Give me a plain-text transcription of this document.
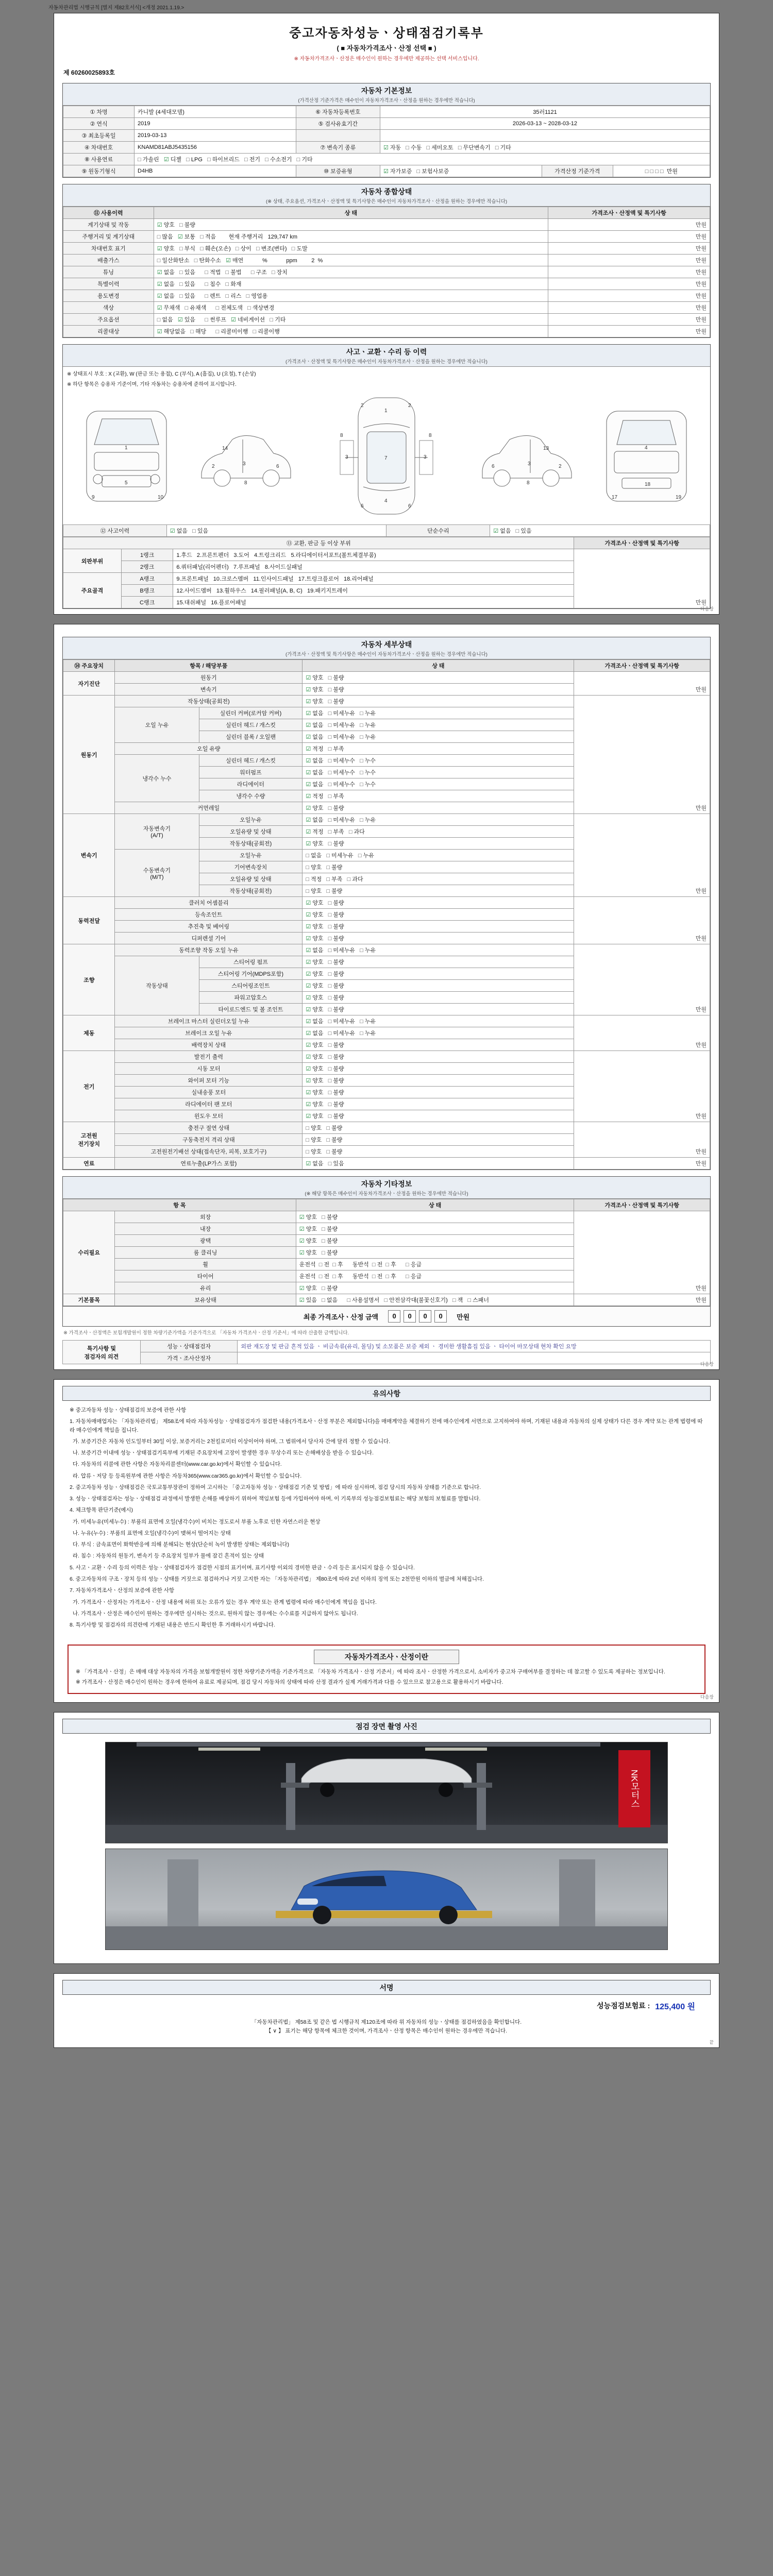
자동차관리법 시행규칙 [별지 제82호서식] <개정 2021.1.19.>
중고자동차성능ㆍ상태점검기록부
( ■ 자동차가격조사ㆍ산정 선택 ■ )
※ 자동차가격조사ㆍ산정은 매수인이 원하는 경우에만 제공하는 선택 서비스입니다.
제 60260025893호
자동차 기본정보
(가격산정 기준가격은 매수인이 자동차가격조사ㆍ산정을 원하는 경우에만 적습니다)
① 차명	카니발 (4세대모델)	⑥ 자동차등록번호	35러1121		
② 연식	2019	⑤ 검사유효기간	2026-03-13 ~ 2028-03-12		
③ 최초등록일	2019-03-13				
④ 차대번호	KNAMD81ABJ5435156	⑦ 변속기 종류	☑ 자동   □ 수동   □ 세미오토   □ 무단변속기   □ 기타		
⑧ 사용연료	□ 가솔린   ☑ 디젤   □ LPG   □ 하이브리드   □ 전기   □ 수소전기   □ 기타				
⑨ 원동기형식	D4HB	⑩ 보증유형	☑ 자가보증   □ 보험사보증	가격산정 기준가격	□ □ □ □  만원
자동차 종합상태
(※ 상태, 주요옵션, 가격조사ㆍ산정액 및 특기사항은 매수인이 자동차가격조사ㆍ산정을 원하는 경우에만 적습니다)
⑪ 사용이력	상 태	가격조사ㆍ산정액 및 특기사항
계기상태 및 작동	☑ 양호   □ 불량	만원
주행거리 및 계기상태	□ 많음   ☑ 보통   □ 적음        현재 주행거리   129,747 km	만원
차대번호 표기	☑ 양호   □ 부식   □ 훼손(오손)   □ 상이   □ 변조(변타)   □ 도말	만원
배출가스	□ 일산화탄소   □ 탄화수소   ☑ 매연            %            ppm         2  %	만원
튜닝	☑ 없음   □ 있음      □ 적법   □ 불법      □ 구조   □ 장치	만원
특별이력	☑ 없음   □ 있음      □ 침수   □ 화재	만원
용도변경	☑ 없음   □ 있음      □ 렌트   □ 리스   □ 영업용	만원
색상	☑ 무채색   □ 유채색      □ 전체도색   □ 색상변경	만원
주요옵션	□ 없음   ☑ 있음      □ 썬루프   ☑ 네비게이션   □ 기타	만원
리콜대상	☑ 해당없음   □ 해당      □ 리콜미이행   □ 리콜이행	만원
사고ㆍ교환ㆍ수리 등 이력
(가격조사ㆍ산정액 및 특기사항은 매수인이 자동차가격조사ㆍ산정을 원하는 경우에만 적습니다)
※ 상태표시 부호 : X (교환), W (판금 또는 용접), C (부식), A (흠집), U (요철), T (손상)
※ 하단 항목은 승용차 기준이며, 기타 자동차는 승용차에 준하여 표시합니다.
1
5
9	10
2	3	6
8
14
1
2	2
3	3
7
6	6
4
8	8
6	3	2
8
13	4
18
17	19
⑫ 사고이력	☑ 없음   □ 있음	단순수리	☑ 없음   □ 있음
⑬ 교환, 판금 등 이상 부위			가격조사ㆍ산정액 및 특기사항
외판부위	1랭크	1.후드   2.프론트펜더   3.도어   4.트렁크리드   5.라디에이터서포트(볼트체결부품)	만원
	2랭크	6.쿼터패널(리어펜더)   7.루프패널   8.사이드실패널	
주요골격	A랭크	9.프론트패널   10.크로스멤버   11.인사이드패널   17.트렁크플로어   18.리어패널	
	B랭크	12.사이드멤버   13.휠하우스   14.필러패널(A, B, C)   19.패키지트레이	
	C랭크	15.대쉬패널   16.플로어패널	
다음장
자동차 세부상태
(가격조사ㆍ산정액 및 특기사항은 매수인이 자동차가격조사ㆍ산정을 원하는 경우에만 적습니다)
⑭ 주요장치	항목 / 해당부품		상 태	가격조사ㆍ산정액 및 특기사항
자기진단	원동기		☑ 양호   □ 불량	만원
	변속기		☑ 양호   □ 불량	
원동기	작동상태(공회전)		☑ 양호   □ 불량	만원
	오일 누유	실린더 커버(로커암 커버)	☑ 없음   □ 미세누유   □ 누유	
		실린더 헤드 / 개스킷	☑ 없음   □ 미세누유   □ 누유	
		실린더 블록 / 오일팬	☑ 없음   □ 미세누유   □ 누유	
	오일 유량		☑ 적정   □ 부족	
	냉각수 누수	실린더 헤드 / 개스킷	☑ 없음   □ 미세누수   □ 누수	
		워터펌프	☑ 없음   □ 미세누수   □ 누수	
		라디에이터	☑ 없음   □ 미세누수   □ 누수	
		냉각수 수량	☑ 적정   □ 부족	
	커먼레일		☑ 양호   □ 불량	
변속기	자동변속기
(A/T)	오일누유	☑ 없음   □ 미세누유   □ 누유	만원
		오일유량 및 상태	☑ 적정   □ 부족   □ 과다	
		작동상태(공회전)	☑ 양호   □ 불량	
	수동변속기
(M/T)	오일누유	□ 없음   □ 미세누유   □ 누유	
		기어변속장치	□ 양호   □ 불량	
		오일유량 및 상태	□ 적정   □ 부족   □ 과다	
		작동상태(공회전)	□ 양호   □ 불량	
동력전달	클러치 어셈블리		☑ 양호   □ 불량	만원
	등속조인트		☑ 양호   □ 불량	
	추진축 및 베어링		☑ 양호   □ 불량	
	디퍼렌셜 기어		☑ 양호   □ 불량	
조향	동력조향 작동 오일 누유		☑ 없음   □ 미세누유   □ 누유	만원
	작동상태	스티어링 펌프	☑ 양호   □ 불량	
		스티어링 기어(MDPS포함)	☑ 양호   □ 불량	
		스티어링조인트	☑ 양호   □ 불량	
		파워고압호스	☑ 양호   □ 불량	
		타이로드엔드 및 볼 조인트	☑ 양호   □ 불량	
제동	브레이크 마스터 실린더오일 누유		☑ 없음   □ 미세누유   □ 누유	만원
	브레이크 오일 누유		☑ 없음   □ 미세누유   □ 누유	
	배력장치 상태		☑ 양호   □ 불량	
전기	발전기 출력		☑ 양호   □ 불량	만원
	시동 모터		☑ 양호   □ 불량	
	와이퍼 모터 기능		☑ 양호   □ 불량	
	실내송풍 모터		☑ 양호   □ 불량	
	라디에이터 팬 모터		☑ 양호   □ 불량	
	윈도우 모터		☑ 양호   □ 불량	
고전원
전기장치	충전구 절연 상태		□ 양호   □ 불량	만원
	구동축전지 격리 상태		□ 양호   □ 불량	
	고전원전기배선 상태(접속단자, 피복, 보호기구)		□ 양호   □ 불량	
연료	연료누출(LP가스 포함)		☑ 없음   □ 있음	만원
자동차 기타정보
(※ 해당 항목은 매수인이 자동차가격조사ㆍ산정을 원하는 경우에만 적습니다)
항 목		상 태	가격조사ㆍ산정액 및 특기사항
수리필요	외장	☑ 양호   □ 불량	만원
	내장	☑ 양호   □ 불량	
	광택	☑ 양호   □ 불량	
	룸 클리닝	☑ 양호   □ 불량	
	휠	운전석  □ 전  □ 후      동반석  □ 전  □ 후      □ 응급	
	타이어	운전석  □ 전  □ 후      동반석  □ 전  □ 후      □ 응급	
	유리	☑ 양호   □ 불량	
기본품목	보유상태	☑ 있음   □ 없음      □ 사용설명서   □ 안전삼각대(불꽃신호기)   □ 잭   □ 스패너	만원
최종 가격조사ㆍ산정 금액	0 0 0 0	만원
※ 가격조사ㆍ산정액은 보험개발원이 정한 차량기준가액을 기준가격으로 「자동차 가격조사ㆍ산정 기준서」에 따라 산출한 금액입니다.
특기사항 및
점검자의 의견	성능ㆍ상태점검자	외판 재도장 및 판금 흔적 있음 ㆍ 비금속류(유리, 몰딩) 및 소모품은 보증 제외 ㆍ 경미한 생활흠집 있음 ㆍ 타이어 마모상태 현차 확인 요망
	가격ㆍ조사산정자	
다음장
유의사항

※ 중고자동차 성능ㆍ상태점검의 보증에 관한 사항

1. 자동차매매업자는 「자동차관리법」 제58조에 따라 자동차성능ㆍ상태점검자가 점검한 내용(가격조사ㆍ산정 부분은 제외합니다)을 매매계약을 체결하기 전에 매수인에게 서면으로 고지하여야 하며, 기재된 내용과 자동차의 실제 상태가 다른 경우 계약 또는 관계 법령에 따라 매수인에게 책임을 집니다.

가. 보증기간은 자동차 인도일부터 30일 이상, 보증거리는 2천킬로미터 이상이어야 하며, 그 범위에서 당사자 간에 달리 정할 수 있습니다.

나. 보증기간 이내에 성능ㆍ상태점검기록부에 기재된 주요장치에 고장이 발생한 경우 무상수리 또는 손해배상을 받을 수 있습니다.

다. 자동차의 리콜에 관한 사항은 자동차리콜센터(www.car.go.kr)에서 확인할 수 있습니다.

라. 압류ㆍ저당 등 등록원부에 관한 사항은 자동차365(www.car365.go.kr)에서 확인할 수 있습니다.

2. 중고자동차 성능ㆍ상태점검은 국토교통부장관이 정하여 고시하는 「중고자동차 성능ㆍ상태점검 기준 및 방법」에 따라 실시하며, 점검 당시의 자동차 상태를 기준으로 합니다.

3. 성능ㆍ상태점검자는 성능ㆍ상태점검 과정에서 발생한 손해를 배상하기 위하여 책임보험 등에 가입하여야 하며, 이 기록부의 성능점검보험료는 해당 보험의 보험료를 말합니다.

4. 체크항목 판단기준(예시)

가. 미세누유(미세누수) : 부품의 표면에 오일(냉각수)이 비치는 정도로서 부품 노후로 인한 자연스러운 현상

나. 누유(누수) : 부품의 표면에 오일(냉각수)이 맺혀서 떨어지는 상태

다. 부식 : 금속표면이 화학반응에 의해 분해되는 현상(단순히 녹이 발생한 상태는 제외합니다)

라. 침수 : 자동차의 원동기, 변속기 등 주요장치 일부가 물에 잠긴 흔적이 있는 상태

5. 사고ㆍ교환ㆍ수리 등의 이력은 성능ㆍ상태점검자가 점검한 시점의 표기이며, 표기사항 이외의 경미한 판금ㆍ수리 등은 표시되지 않을 수 있습니다.

6. 중고자동차의 구조ㆍ장치 등의 성능ㆍ상태를 거짓으로 점검하거나 거짓 고지한 자는 「자동차관리법」 제80조에 따라 2년 이하의 징역 또는 2천만원 이하의 벌금에 처해집니다.

7. 자동차가격조사ㆍ산정의 보증에 관한 사항

가. 가격조사ㆍ산정자는 가격조사ㆍ산정 내용에 허위 또는 오류가 있는 경우 계약 또는 관계 법령에 따라 매수인에게 책임을 집니다.

나. 가격조사ㆍ산정은 매수인이 원하는 경우에만 실시하는 것으로, 원하지 않는 경우에는 수수료를 지급하지 않아도 됩니다.

8. 특기사항 및 점검자의 의견란에 기재된 내용은 반드시 확인한 후 거래하시기 바랍니다.

자동차가격조사ㆍ산정이란
※ 「가격조사ㆍ산정」은 매매 대상 자동차의 가격을 보험개발원이 정한 차량기준가액을 기준가격으로 「자동차 가격조사ㆍ산정 기준서」에 따라 조사ㆍ산정한 가격으로서, 소비자가 중고차 구매여부를 결정하는 데 참고할 수 있도록 제공하는 정보입니다.
※ 가격조사ㆍ산정은 매수인이 원하는 경우에 한하여 유료로 제공되며, 점검 당시 자동차의 상태에 따라 산정 결과가 실제 거래가격과 다를 수 있으므로 참고용으로 활용하시기 바랍니다.
다음장
점검 장면 촬영 사진
NK모터스
서명
성능점검보험료 : 125,400 원
「자동차관리법」 제58조 및 같은 법 시행규칙 제120조에 따라 위 자동차의 성능ㆍ상태를 점검하였음을 확인합니다.
【 ∨ 】 표기는 해당 항목에 체크한 것이며, 가격조사ㆍ산정 항목은 매수인이 원하는 경우에만 적습니다.
끝
